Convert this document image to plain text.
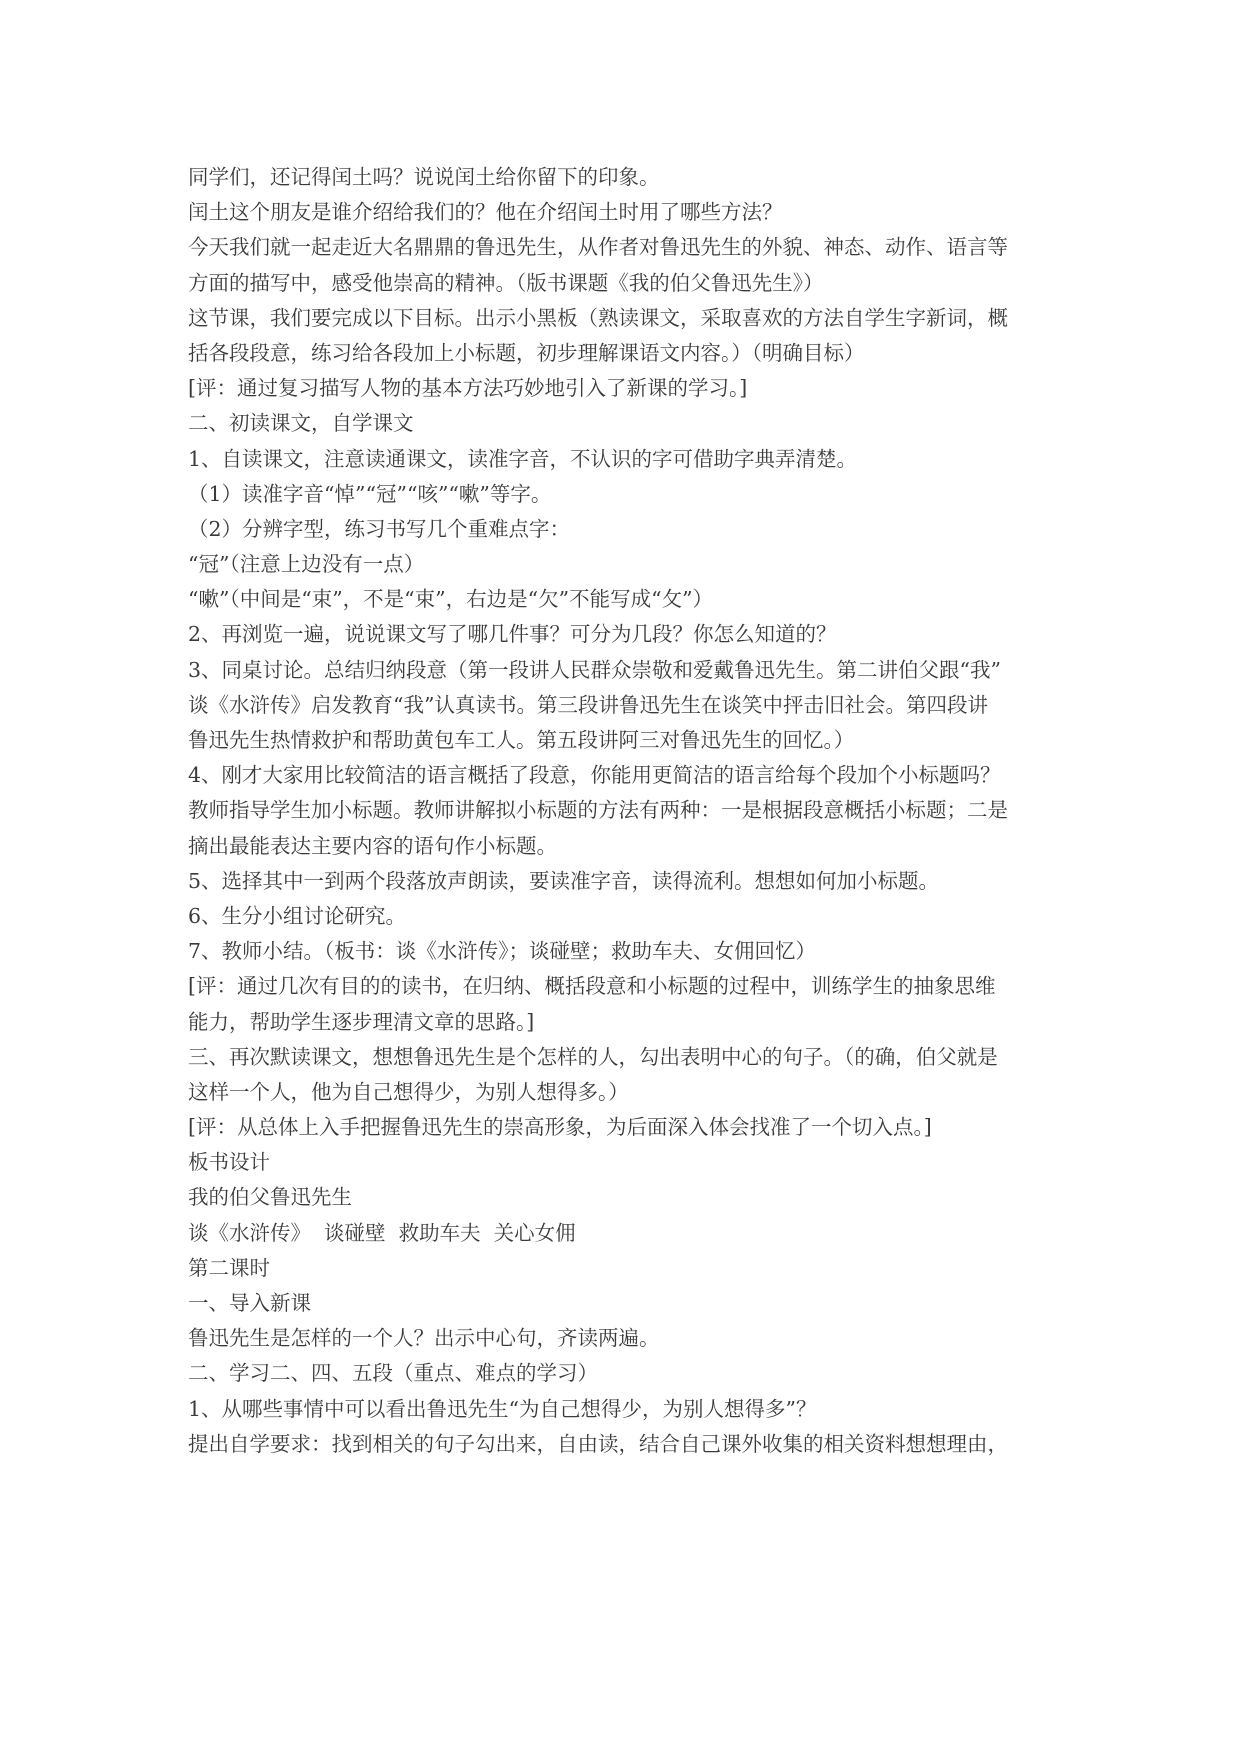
同学们，还记得闰土吗？说说闰土给你留下的印象。

闰土这个朋友是谁介绍给我们的？他在介绍闰土时用了哪些方法？

今天我们就一起走近大名鼎鼎的鲁迅先生，从作者对鲁迅先生的外貌、神态、动作、语言等

方面的描写中，感受他崇高的精神。（版书课题《我的伯父鲁迅先生》）

这节课，我们要完成以下目标。出示小黑板（熟读课文，采取喜欢的方法自学生字新词，概

括各段段意，练习给各段加上小标题，初步理解课语文内容。）（明确目标）

[评：通过复习描写人物的基本方法巧妙地引入了新课的学习。]

二、初读课文，自学课文

1、自读课文，注意读通课文，读准字音，不认识的字可借助字典弄清楚。

（1）读准字音“悼”“冠”“咳”“嗽”等字。

（2）分辨字型，练习书写几个重难点字：

“冠”（注意上边没有一点）

“嗽”（中间是“束”，不是“束”，右边是“欠”不能写成“攵”）

2、再浏览一遍，说说课文写了哪几件事？可分为几段？你怎么知道的？

3、同桌讨论。总结归纳段意（第一段讲人民群众崇敬和爱戴鲁迅先生。第二讲伯父跟“我”

谈《水浒传》启发教育“我”认真读书。第三段讲鲁迅先生在谈笑中抨击旧社会。第四段讲

鲁迅先生热情救护和帮助黄包车工人。第五段讲阿三对鲁迅先生的回忆。）

4、刚才大家用比较简洁的语言概括了段意，你能用更简洁的语言给每个段加个小标题吗？

教师指导学生加小标题。教师讲解拟小标题的方法有两种：一是根据段意概括小标题；二是

摘出最能表达主要内容的语句作小标题。

5、选择其中一到两个段落放声朗读，要读准字音，读得流利。想想如何加小标题。

6、生分小组讨论研究。

7、教师小结。（板书：谈《水浒传》；谈碰壁；救助车夫、女佣回忆）

[评：通过几次有目的的读书，在归纳、概括段意和小标题的过程中，训练学生的抽象思维

能力，帮助学生逐步理清文章的思路。]

三、再次默读课文，想想鲁迅先生是个怎样的人，勾出表明中心的句子。（的确，伯父就是

这样一个人，他为自己想得少，为别人想得多。）

[评：从总体上入手把握鲁迅先生的崇高形象，为后面深入体会找准了一个切入点。]

板书设计

我的伯父鲁迅先生

谈《水浒传》  谈碰壁  救助车夫  关心女佣

第二课时

一、导入新课

鲁迅先生是怎样的一个人？出示中心句，齐读两遍。

二、学习二、四、五段（重点、难点的学习）

1、从哪些事情中可以看出鲁迅先生“为自己想得少，为别人想得多”？

提出自学要求：找到相关的句子勾出来，自由读，结合自己课外收集的相关资料想想理由，
